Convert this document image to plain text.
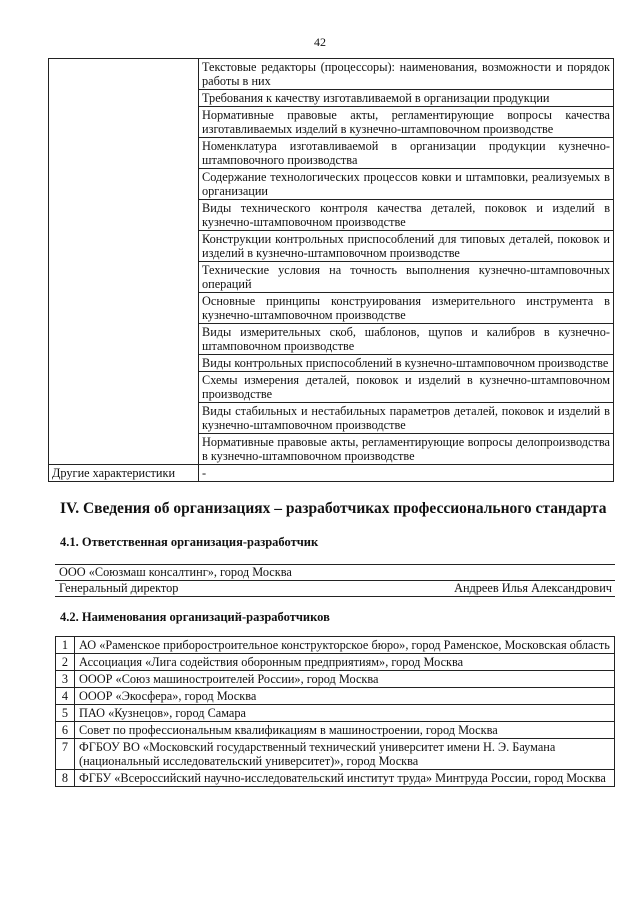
42
	Текстовые редакторы (процессоры): наименования, возможности и порядок работы в них
	Требования к качеству изготавливаемой в организации продукции
	Нормативные правовые акты, регламентирующие вопросы качества изготавливаемых изделий в кузнечно-штамповочном производстве
	Номенклатура изготавливаемой в организации продукции кузнечно-штамповочного производства
	Содержание технологических процессов ковки и штамповки, реализуемых в организации
	Виды технического контроля качества деталей, поковок и изделий в кузнечно-штамповочном производстве
	Конструкции контрольных приспособлений для типовых деталей, поковок и изделий в кузнечно-штамповочном производстве
	Технические условия на точность выполнения кузнечно-штамповочных операций
	Основные принципы конструирования измерительного инструмента в кузнечно-штамповочном производстве
	Виды измерительных скоб, шаблонов, щупов и калибров в кузнечно-штамповочном производстве
	Виды контрольных приспособлений в кузнечно-штамповочном производстве
	Схемы измерения деталей, поковок и изделий в кузнечно-штамповочном производстве
	Виды стабильных и нестабильных параметров деталей, поковок и изделий в кузнечно-штамповочном производстве
	Нормативные правовые акты, регламентирующие вопросы делопроизводства в кузнечно-штамповочном производстве
Другие характеристики	-
IV. Сведения об организациях – разработчиках профессионального стандарта
4.1. Ответственная организация-разработчик
ООО «Союзмаш консалтинг», город Москва
Генеральный директор	Андреев Илья Александрович
4.2. Наименования организаций-разработчиков
1	АО «Раменское приборостроительное конструкторское бюро», город Раменское, Московская область
2	Ассоциация «Лига содействия оборонным предприятиям», город Москва
3	ОООР «Союз машиностроителей России», город Москва
4	ОООР «Экосфера», город Москва
5	ПАО «Кузнецов», город Самара
6	Совет по профессиональным квалификациям в машиностроении, город Москва
7	ФГБОУ ВО «Московский государственный технический университет имени Н. Э. Баумана (национальный исследовательский университет)», город Москва
8	ФГБУ «Всероссийский научно-исследовательский институт труда» Минтруда России, город Москва
